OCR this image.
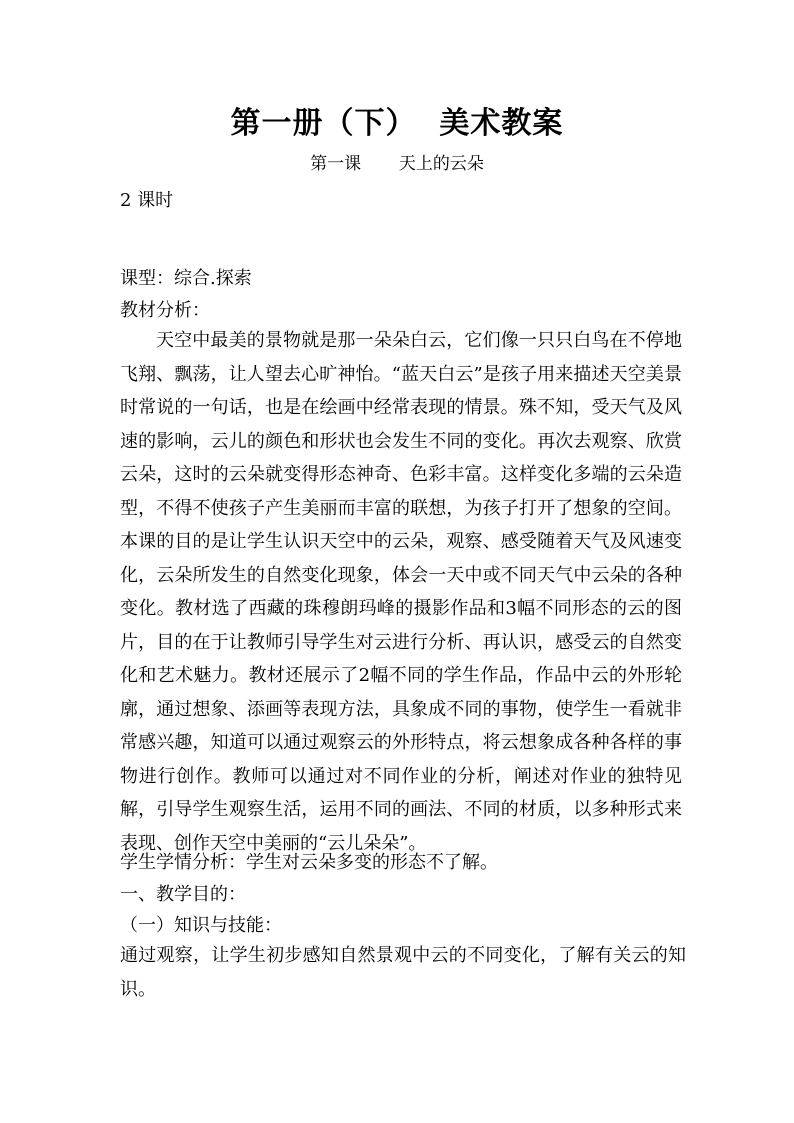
第一册（下）  美术教案
第一课       天上的云朵
2 课时
课型：综合.探索
教材分析：

天空中最美的景物就是那一朵朵白云，它们像一只只白鸟在不停地飞翔、飘荡，让人望去心旷神怡。“蓝天白云”是孩子用来描述天空美景时常说的一句话，也是在绘画中经常表现的情景。殊不知，受天气及风速的影响，云儿的颜色和形状也会发生不同的变化。再次去观察、欣赏云朵，这时的云朵就变得形态神奇、色彩丰富。这样变化多端的云朵造型，不得不使孩子产生美丽而丰富的联想，为孩子打开了想象的空间。本课的目的是让学生认识天空中的云朵，观察、感受随着天气及风速变化，云朵所发生的自然变化现象，体会一天中或不同天气中云朵的各种变化。教材选了西藏的珠穆朗玛峰的摄影作品和3幅不同形态的云的图片，目的在于让教师引导学生对云进行分析、再认识，感受云的自然变化和艺术魅力。教材还展示了2幅不同的学生作品，作品中云的外形轮廓，通过想象、添画等表现方法，具象成不同的事物，使学生一看就非常感兴趣，知道可以通过观察云的外形特点，将云想象成各种各样的事物进行创作。教师可以通过对不同作业的分析，阐述对作业的独特见解，引导学生观察生活，运用不同的画法、不同的材质，以多种形式来表现、创作天空中美丽的“云儿朵朵”。

学生学情分析：学生对云朵多变的形态不了解。
一、教学目的：
（一）知识与技能：

通过观察，让学生初步感知自然景观中云的不同变化，了解有关云的知识。
